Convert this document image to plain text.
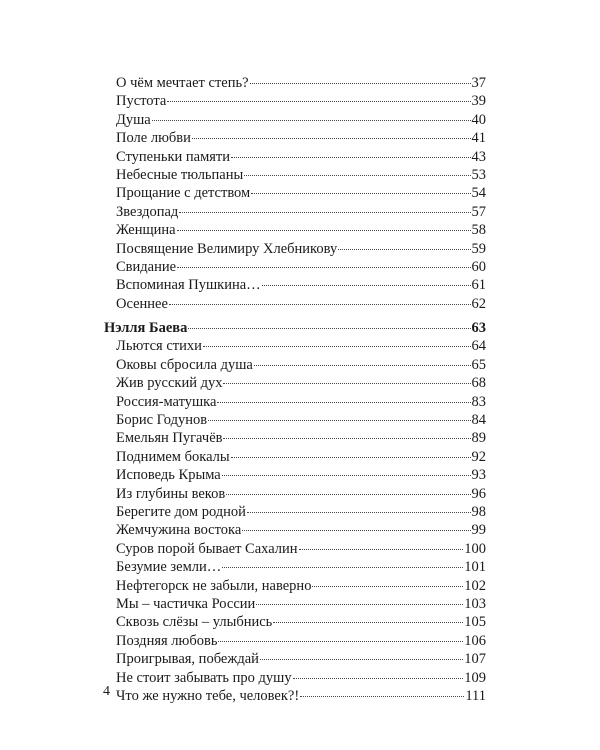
О чём мечтает степь?	37
Пустота	39
Душа	40
Поле любви	41
Ступеньки памяти	43
Небесные тюльпаны	53
Прощание с детством	54
Звездопад	57
Женщина	58
Посвящение Велимиру Хлебникову	59
Свидание	60
Вспоминая Пушкина…	61
Осеннее	62
Нэлля Баева	63
Льются стихи	64
Оковы сбросила душа	65
Жив русский дух	68
Россия-матушка	83
Борис Годунов	84
Емельян Пугачёв	89
Поднимем бокалы	92
Исповедь Крыма	93
Из глубины веков	96
Берегите дом родной	98
Жемчужина востока	99
Суров порой бывает Сахалин	100
Безумие земли…	101
Нефтегорск не забыли, наверно	102
Мы – частичка России	103
Сквозь слёзы – улыбнись	105
Поздняя любовь	106
Проигрывая, побеждай	107
Не стоит забывать про душу	109
Что же нужно тебе, человек?!	111
4
